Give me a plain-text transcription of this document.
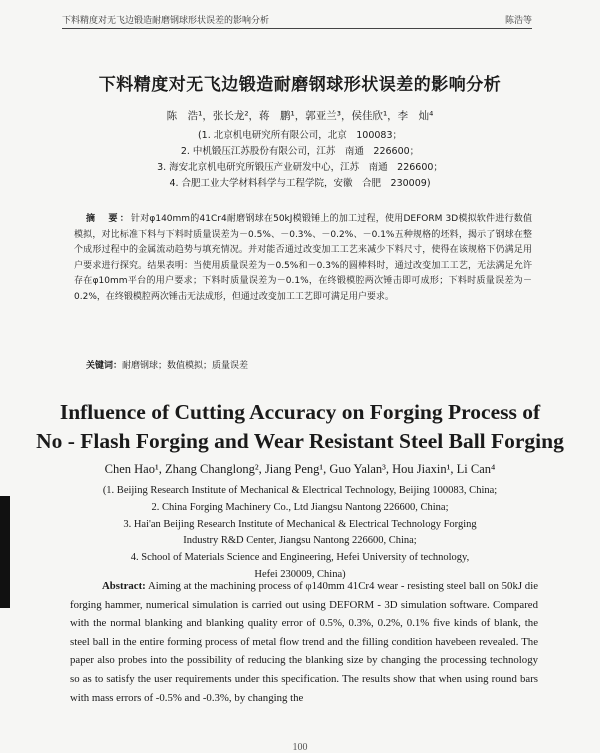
下料精度对无飞边锻造耐磨钢球形状误差的影响分析	陈浩等
下料精度对无飞边锻造耐磨钢球形状误差的影响分析
陈　浩¹，张长龙²，蒋　鹏¹，郭亚兰³，侯佳欣¹，李　灿⁴
(1. 北京机电研究所有限公司，北京　100083；
2. 中机锻压江苏股份有限公司，江苏　南通　226600；
3. 海安北京机电研究所锻压产业研发中心，江苏　南通　226600；
4. 合肥工业大学材料科学与工程学院，安徽　合肥　230009)
摘　要：针对φ140mm的41Cr4耐磨钢球在50kJ模锻锤上的加工过程，使用DEFORM 3D模拟软件进行数值模拟，对比标准下料与下料时质量误差为－0.5%、－0.3%、－0.2%、－0.1%五种规格的坯料，揭示了钢球在整个成形过程中的金属流动趋势与填充情况。并对能否通过改变加工工艺来减少下料尺寸，使得在该规格下仍满足用户要求进行探究。结果表明：当使用质量误差为－0.5%和－0.3%的圆棒料时，通过改变加工工艺，无法满足允许存在φ10mm平台的用户要求；下料时质量误差为－0.1%，在终锻模腔两次锤击即可成形；下料时质量误差为－0.2%，在终锻模腔两次锤击无法成形，但通过改变加工工艺即可满足用户要求。
关键词：耐磨钢球；数值模拟；质量误差
Influence of Cutting Accuracy on Forging Process of
No - Flash Forging and Wear Resistant Steel Ball Forging
Chen Hao¹, Zhang Changlong², Jiang Peng¹, Guo Yalan³, Hou Jiaxin¹, Li Can⁴
(1. Beijing Research Institute of Mechanical & Electrical Technology, Beijing 100083, China;
2. China Forging Machinery Co., Ltd Jiangsu Nantong 226600, China;
3. Hai'an Beijing Research Institute of Mechanical & Electrical Technology Forging
Industry R&D Center, Jiangsu Nantong 226600, China;
4. School of Materials Science and Engineering, Hefei University of technology,
Hefei 230009, China)
Abstract: Aiming at the machining process of φ140mm 41Cr4 wear - resisting steel ball on 50kJ die forging hammer, numerical simulation is carried out using DEFORM - 3D simulation software. Compared with the normal blanking and blanking quality error of 0.5%, 0.3%, 0.2%, 0.1% five kinds of blank, the steel ball in the entire forming process of metal flow trend and the filling condition havebeen revealed. The paper also probes into the possibility of reducing the blanking size by changing the processing technology so as to satisfy the user requirements under this specification. The results show that when using round bars with mass errors of -0.5% and -0.3%, by changing the
100
